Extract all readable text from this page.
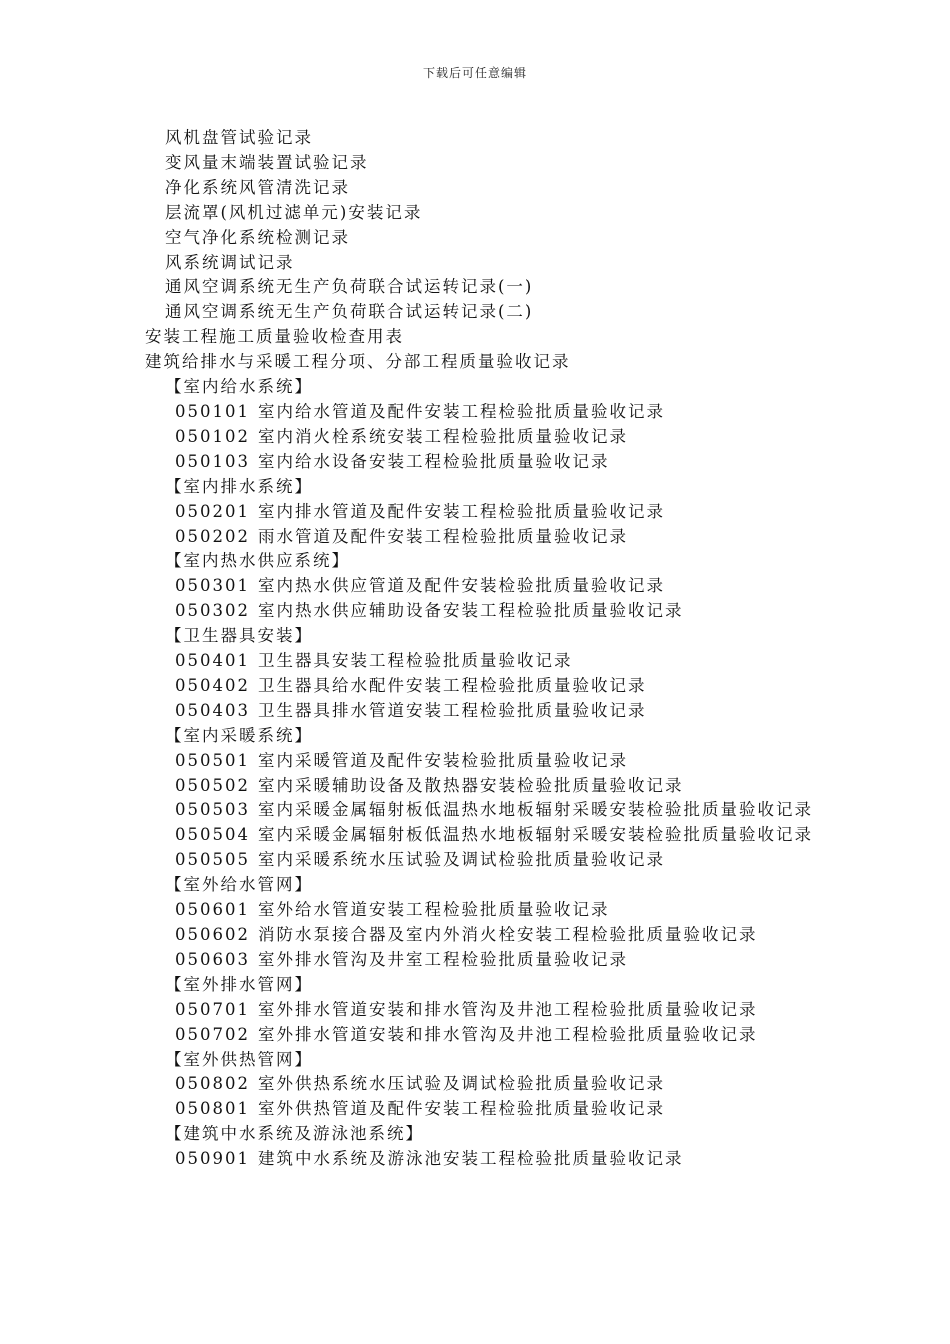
下载后可任意编辑
风机盘管试验记录
变风量末端装置试验记录
净化系统风管清洗记录
层流罩(风机过滤单元)安装记录
空气净化系统检测记录
风系统调试记录
通风空调系统无生产负荷联合试运转记录(一)
通风空调系统无生产负荷联合试运转记录(二)
安装工程施工质量验收检查用表
建筑给排水与采暖工程分项、分部工程质量验收记录
【室内给水系统】
050101 室内给水管道及配件安装工程检验批质量验收记录
050102 室内消火栓系统安装工程检验批质量验收记录
050103 室内给水设备安装工程检验批质量验收记录
【室内排水系统】
050201 室内排水管道及配件安装工程检验批质量验收记录
050202 雨水管道及配件安装工程检验批质量验收记录
【室内热水供应系统】
050301 室内热水供应管道及配件安装检验批质量验收记录
050302 室内热水供应辅助设备安装工程检验批质量验收记录
【卫生器具安装】
050401 卫生器具安装工程检验批质量验收记录
050402 卫生器具给水配件安装工程检验批质量验收记录
050403 卫生器具排水管道安装工程检验批质量验收记录
【室内采暖系统】
050501 室内采暖管道及配件安装检验批质量验收记录
050502 室内采暖辅助设备及散热器安装检验批质量验收记录
050503 室内采暖金属辐射板低温热水地板辐射采暖安装检验批质量验收记录
050504 室内采暖金属辐射板低温热水地板辐射采暖安装检验批质量验收记录
050505 室内采暖系统水压试验及调试检验批质量验收记录
【室外给水管网】
050601 室外给水管道安装工程检验批质量验收记录
050602 消防水泵接合器及室内外消火栓安装工程检验批质量验收记录
050603 室外排水管沟及井室工程检验批质量验收记录
【室外排水管网】
050701 室外排水管道安装和排水管沟及井池工程检验批质量验收记录
050702 室外排水管道安装和排水管沟及井池工程检验批质量验收记录
【室外供热管网】
050802 室外供热系统水压试验及调试检验批质量验收记录
050801 室外供热管道及配件安装工程检验批质量验收记录
【建筑中水系统及游泳池系统】
050901 建筑中水系统及游泳池安装工程检验批质量验收记录
